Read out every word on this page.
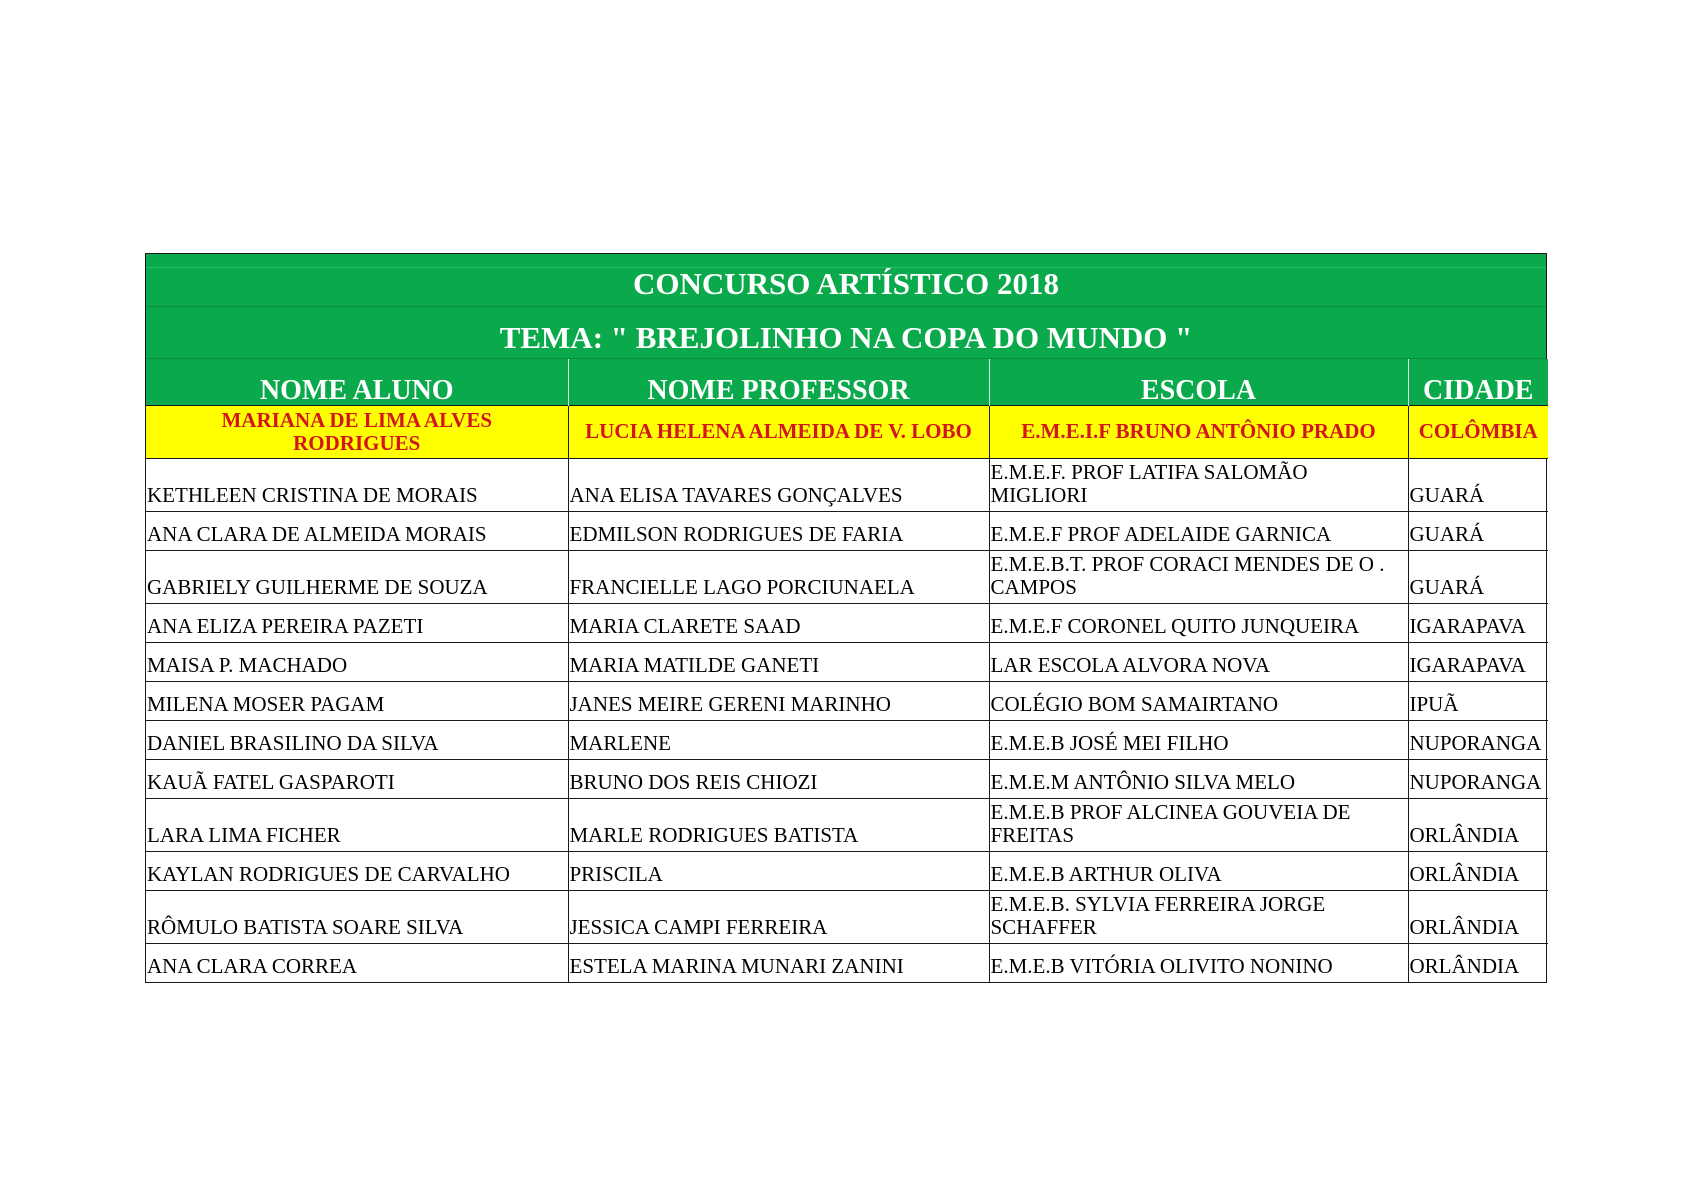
CONCURSO ARTÍSTICO 2018
TEMA: " BREJOLINHO NA COPA DO MUNDO "
NOME ALUNO	NOME PROFESSOR	ESCOLA	CIDADE
MARIANA DE LIMA ALVES RODRIGUES	LUCIA HELENA ALMEIDA DE V. LOBO	E.M.E.I.F BRUNO ANTÔNIO PRADO	COLÔMBIA
KETHLEEN CRISTINA DE MORAIS	ANA ELISA TAVARES GONÇALVES	E.M.E.F. PROF LATIFA SALOMÃO MIGLIORI	GUARÁ
ANA CLARA DE ALMEIDA MORAIS	EDMILSON RODRIGUES DE FARIA	E.M.E.F PROF ADELAIDE GARNICA	GUARÁ
GABRIELY GUILHERME DE SOUZA	FRANCIELLE LAGO PORCIUNAELA	E.M.E.B.T. PROF CORACI MENDES DE O . CAMPOS	GUARÁ
ANA ELIZA PEREIRA PAZETI	MARIA CLARETE SAAD	E.M.E.F CORONEL QUITO JUNQUEIRA	IGARAPAVA
MAISA P. MACHADO	MARIA MATILDE GANETI	LAR ESCOLA ALVORA NOVA	IGARAPAVA
MILENA MOSER PAGAM	JANES MEIRE GERENI MARINHO	COLÉGIO BOM SAMAIRTANO	IPUÃ
DANIEL BRASILINO DA SILVA	MARLENE	E.M.E.B JOSÉ MEI FILHO	NUPORANGA
KAUÃ FATEL GASPAROTI	BRUNO DOS REIS CHIOZI	E.M.E.M ANTÔNIO SILVA MELO	NUPORANGA
LARA LIMA FICHER	MARLE RODRIGUES BATISTA	E.M.E.B PROF ALCINEA GOUVEIA DE FREITAS	ORLÂNDIA
KAYLAN RODRIGUES DE CARVALHO	PRISCILA	E.M.E.B ARTHUR OLIVA	ORLÂNDIA
RÔMULO BATISTA SOARE SILVA	JESSICA CAMPI FERREIRA	E.M.E.B. SYLVIA FERREIRA JORGE SCHAFFER	ORLÂNDIA
ANA CLARA CORREA	ESTELA MARINA MUNARI ZANINI	E.M.E.B VITÓRIA OLIVITO NONINO	ORLÂNDIA
